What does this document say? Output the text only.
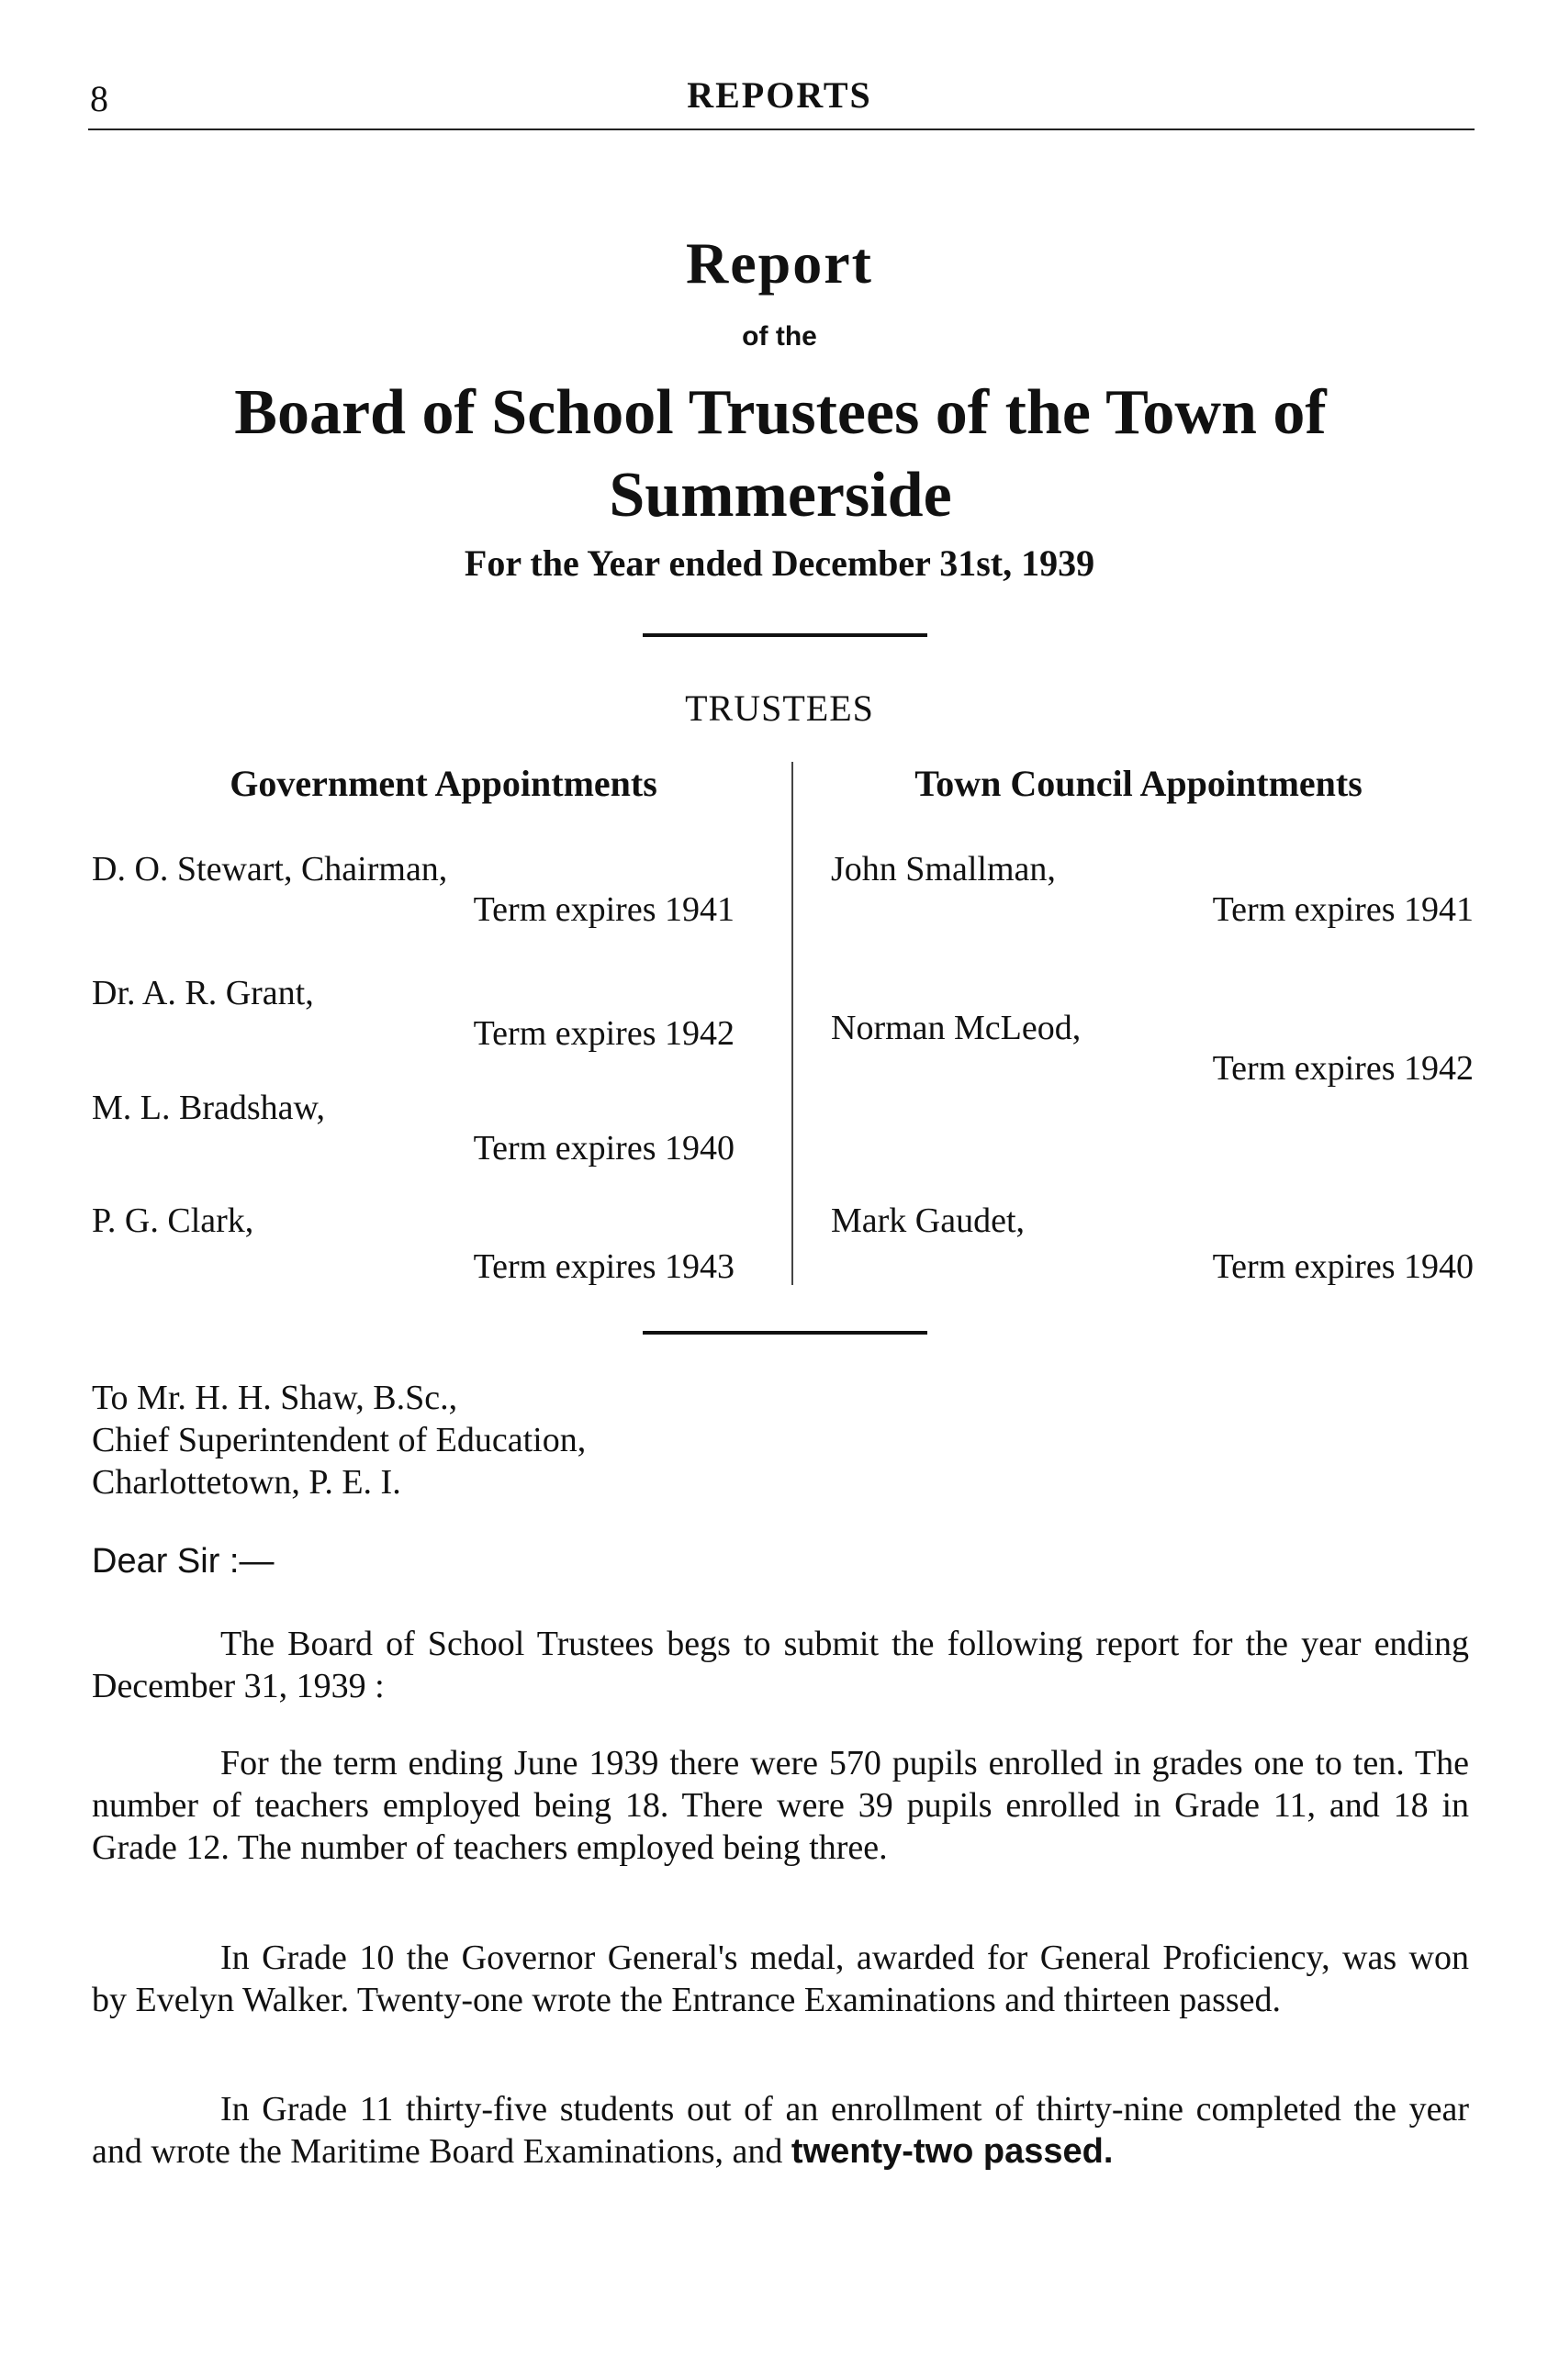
8	REPORTS
Report
of the
Board of School Trustees of the Town of Summerside
For the Year ended December 31st, 1939
TRUSTEES
Government Appointments	Town Council Appointments
D. O. Stewart, Chairman,
Term expires 1941
Dr. A. R. Grant,
Term expires 1942
M. L. Bradshaw,
Term expires 1940
P. G. Clark,
Term expires 1943
John Smallman,
Term expires 1941
Norman McLeod,
Term expires 1942
Mark Gaudet,
Term expires 1940
To Mr. H. H. Shaw, B.Sc.,
Chief Superintendent of Education,
Charlottetown, P. E. I.
Dear Sir :—
The Board of School Trustees begs to submit the following report for the year ending December 31, 1939 :
For the term ending June 1939 there were 570 pupils enrolled in grades one to ten. The number of teachers employed being 18. There were 39 pupils enrolled in Grade 11, and 18 in Grade 12. The number of teachers employed being three.
In Grade 10 the Governor General's medal, awarded for General Proficiency, was won by Evelyn Walker. Twenty-one wrote the Entrance Examinations and thirteen passed.
In Grade 11 thirty-five students out of an enrollment of thirty-nine completed the year and wrote the Maritime Board Examinations, and twenty-two passed.
